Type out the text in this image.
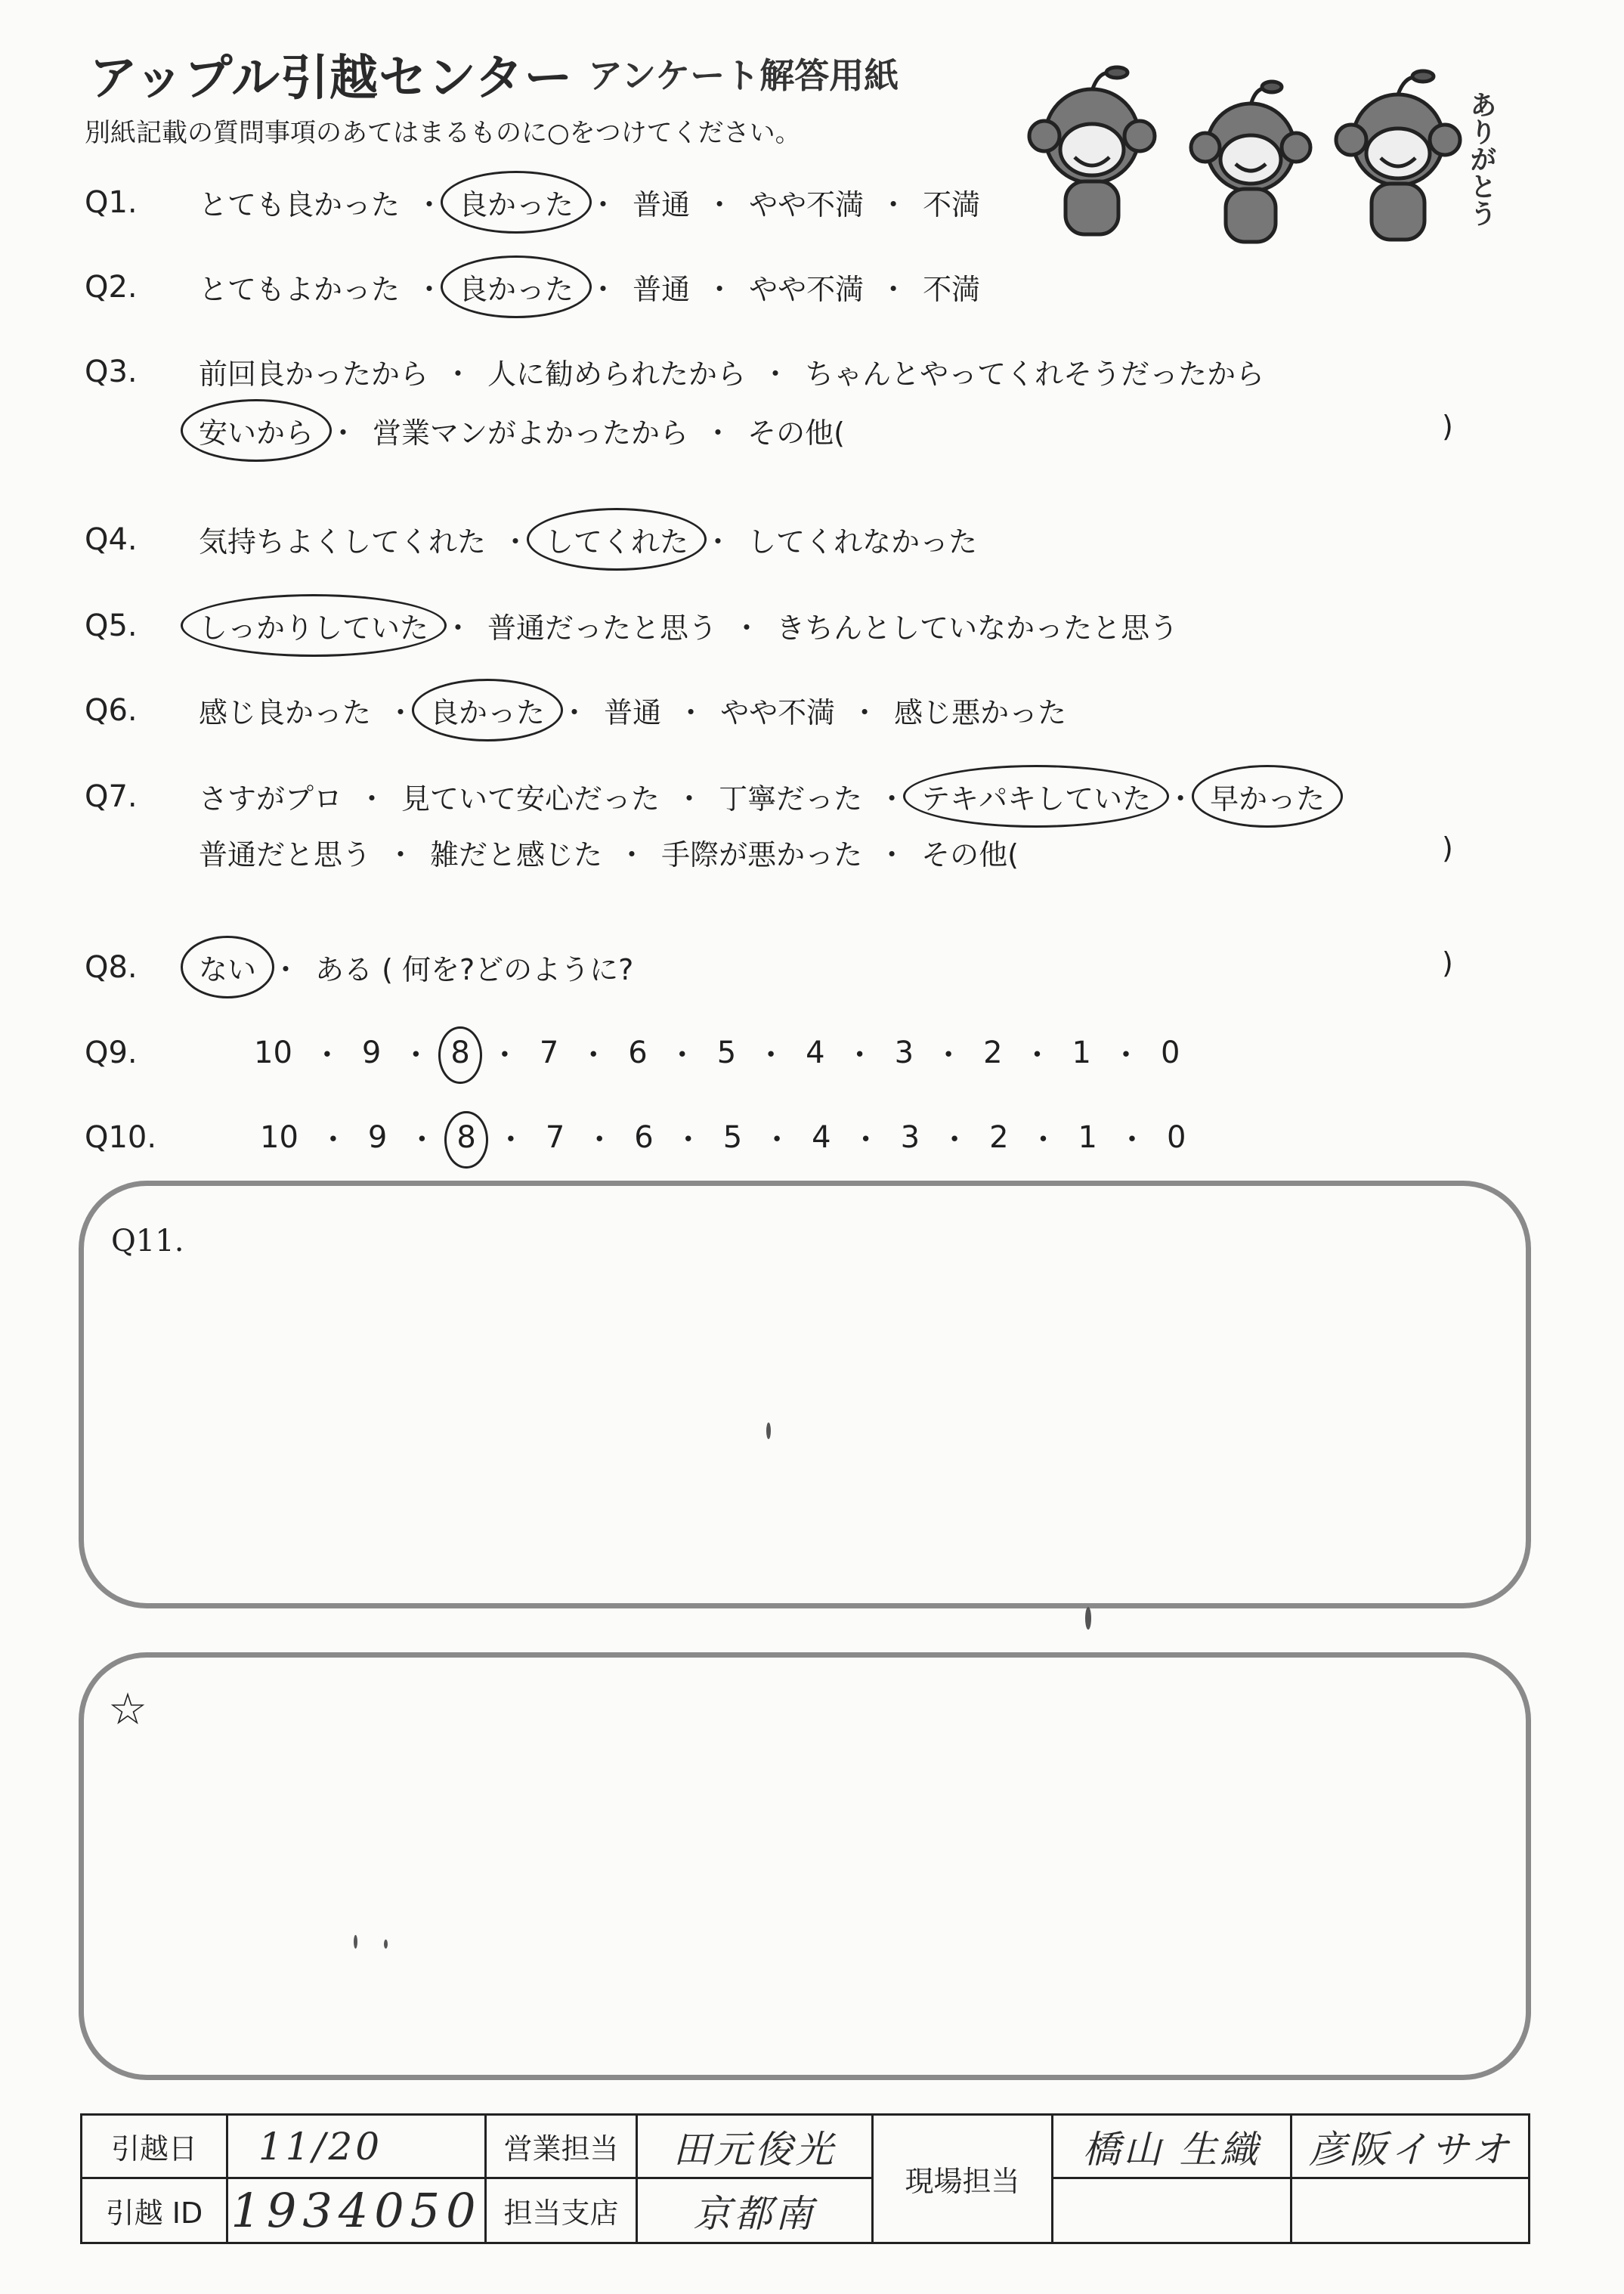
アップル引越センター アンケート解答用紙
別紙記載の質問事項のあてはまるものに○をつけてください。	ありがとう
Q1.	とても良かった ・ 良かった ・ 普通 ・ やや不満 ・ 不満
Q2.	とてもよかった ・ 良かった ・ 普通 ・ やや不満 ・ 不満
Q3.	前回良かったから ・ 人に勧められたから ・ ちゃんとやってくれそうだったから
安いから ・ 営業マンがよかったから ・ その他(	)
Q4.	気持ちよくしてくれた ・ してくれた ・ してくれなかった
Q5.	しっかりしていた ・ 普通だったと思う ・ きちんとしていなかったと思う
Q6.	感じ良かった ・ 良かった ・ 普通 ・ やや不満 ・ 感じ悪かった
Q7.	さすがプロ ・ 見ていて安心だった ・ 丁寧だった ・ テキパキしていた ・ 早かった
普通だと思う ・ 雑だと感じた ・ 手際が悪かった ・ その他(	)
Q8.	ない ・ ある ( 何を?どのように?	)
Q9.	10 ・ 9 ・ 8 ・ 7 ・ 6 ・ 5 ・ 4 ・ 3 ・ 2 ・ 1 ・ 0
Q10.	10 ・ 9 ・ 8 ・ 7 ・ 6 ・ 5 ・ 4 ・ 3 ・ 2 ・ 1 ・ 0
Q11.
☆
引越日	11/20	営業担当	田元俊光	現場担当	橋山 生織	彦阪イサオ
引越 ID	1934050	担当支店	京都南			
